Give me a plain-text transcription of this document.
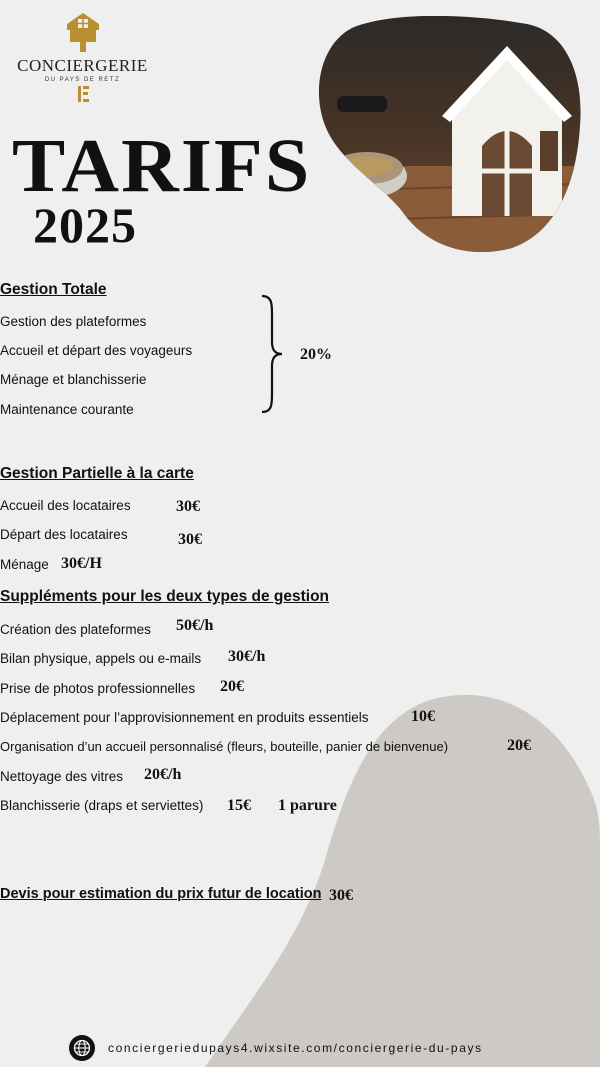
CONCIERGERIE
DU PAYS DE RETZ
TARIFS
2025
Gestion Totale
Gestion des plateformes
Accueil et départ des voyageurs
Ménage et blanchisserie
Maintenance courante
20%
Gestion Partielle à la carte
Accueil des locataires	30€
Départ des locataires	30€
Ménage 30€/H
Suppléments pour les deux types de gestion
Création des plateformes 50€/h
Bilan physique, appels ou e-mails 30€/h
Prise de photos professionnelles 20€
Déplacement pour l’approvisionnement en produits essentiels	10€
Organisation d’un accueil personnalisé (fleurs, bouteille, panier de bienvenue)	20€
Nettoyage des vitres 20€/h
Blanchisserie (draps et serviettes) 15€ 1 parure
Devis pour estimation du prix futur de location 30€
conciergeriedupays4.wixsite.com/conciergerie-du-pays
